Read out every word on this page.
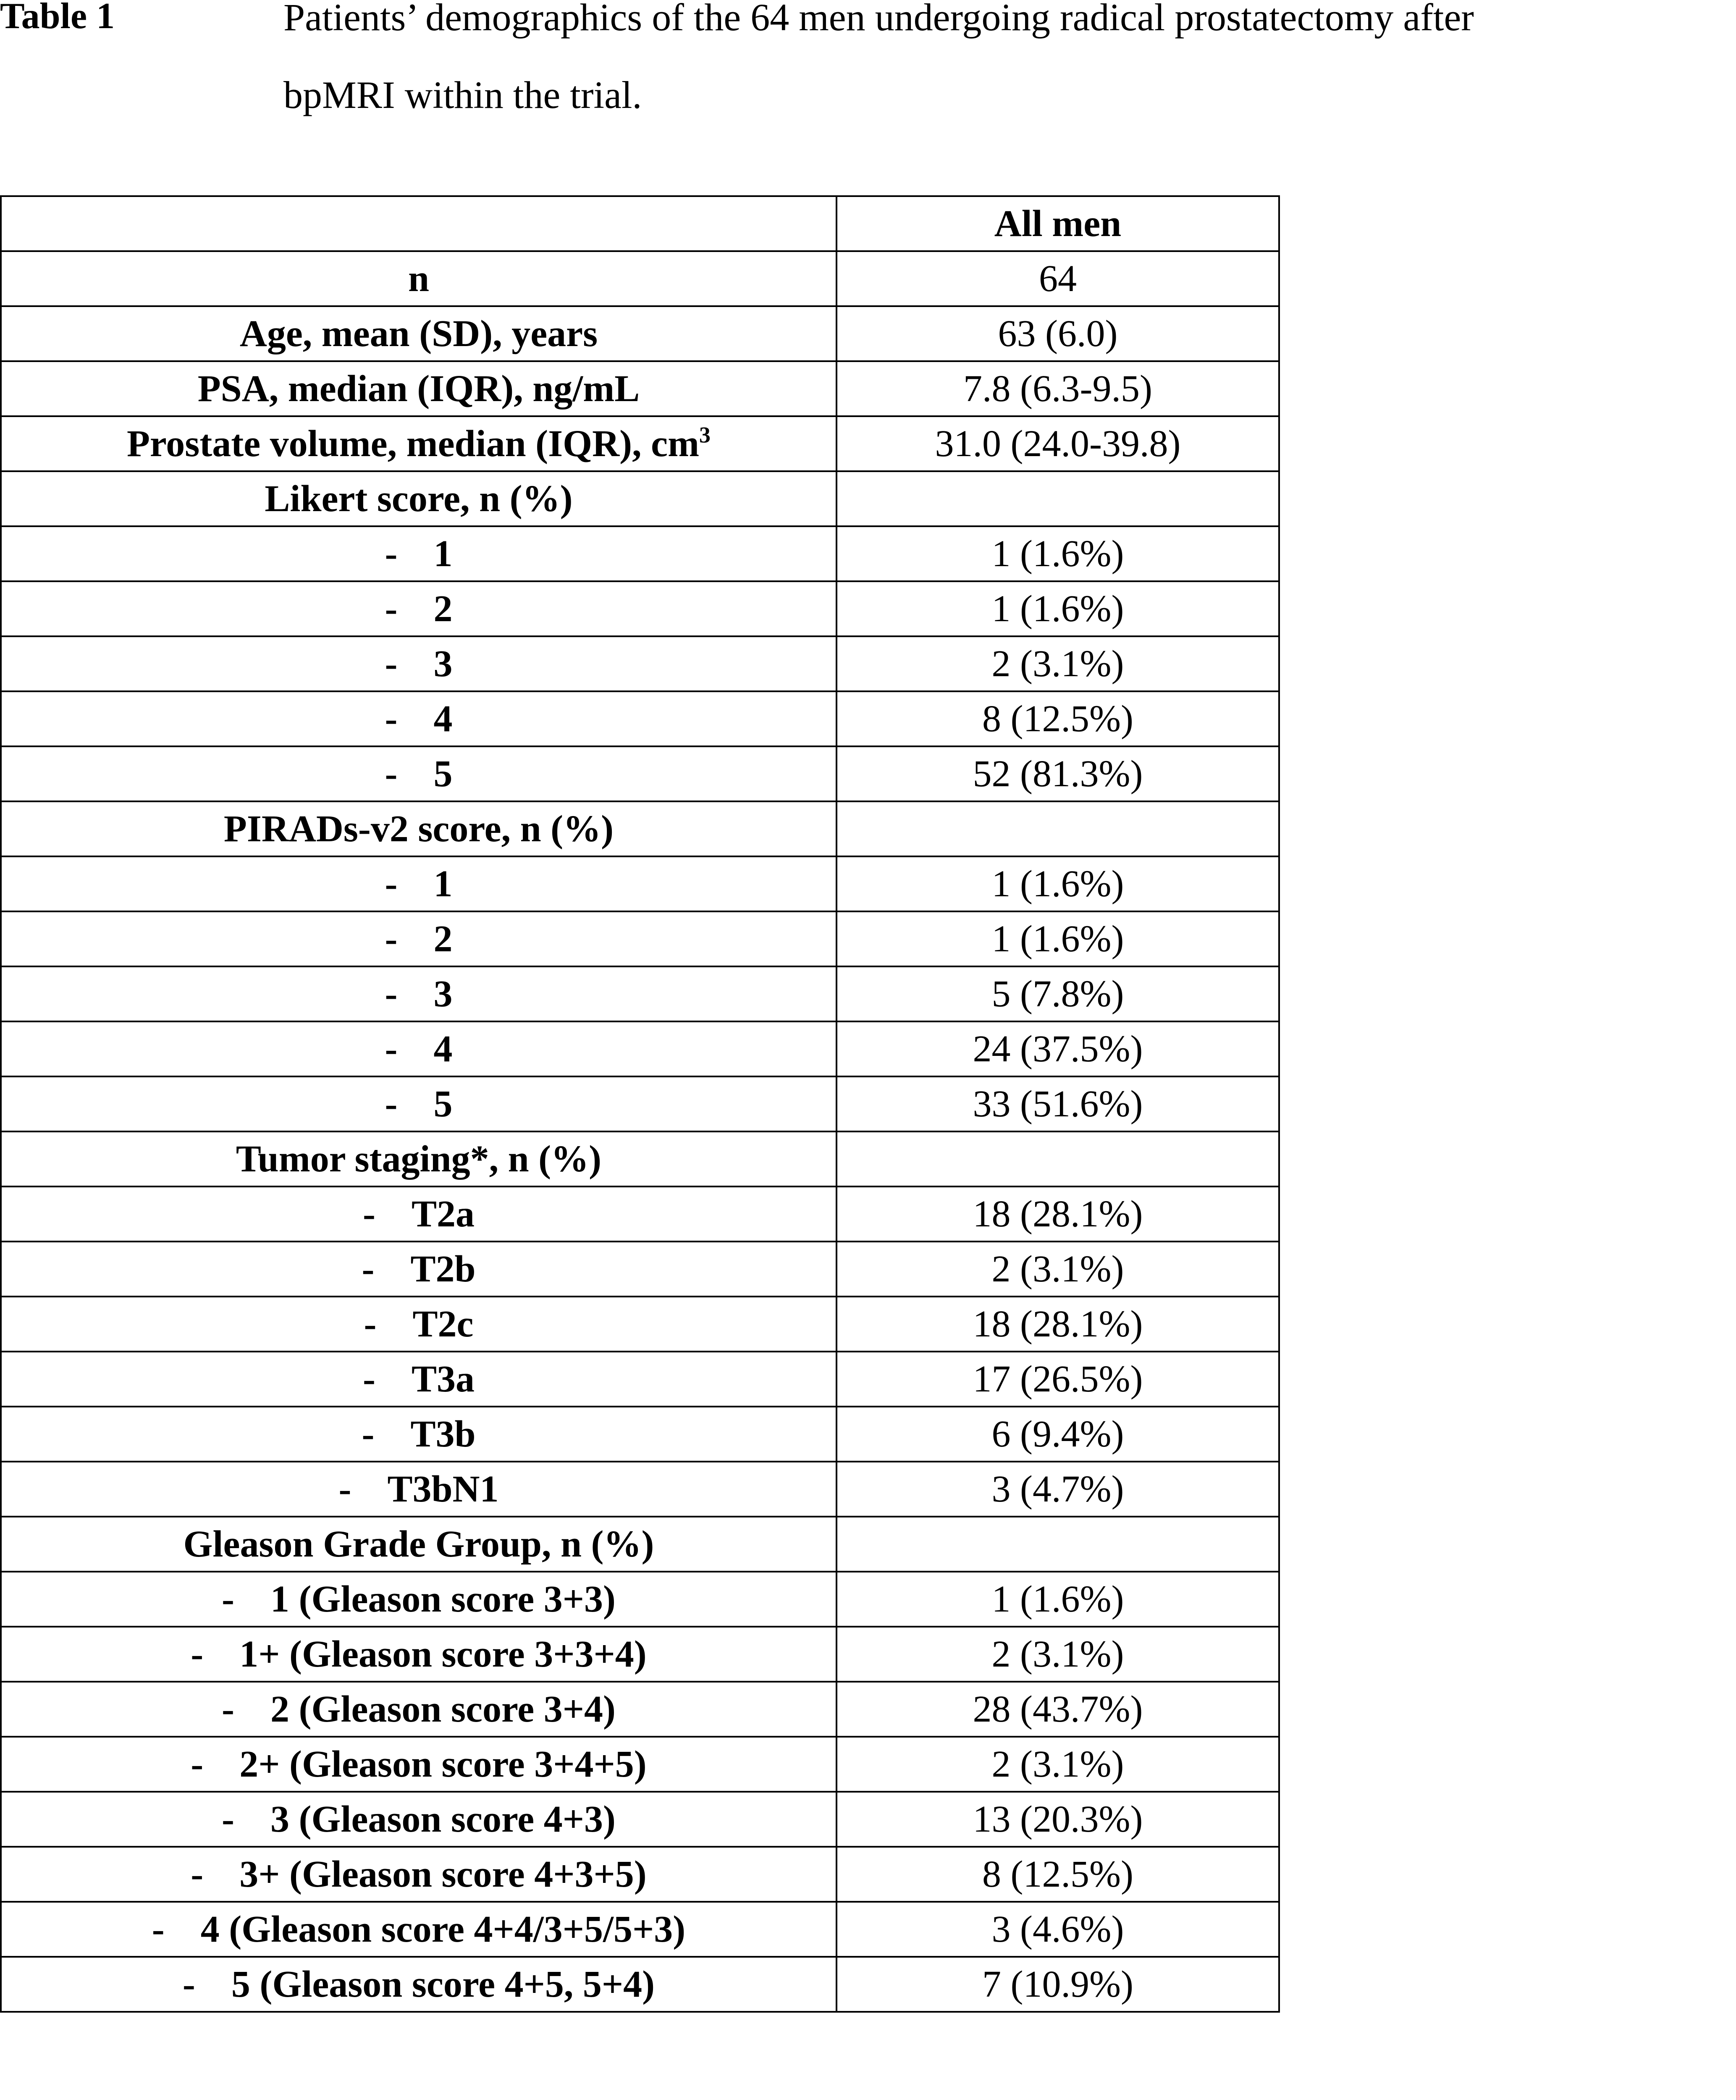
Table 1	Patients’ demographics of the 64 men undergoing radical prostatectomy after
bpMRI within the trial.
	All men
n	64
Age, mean (SD), years	63 (6.0)
PSA, median (IQR), ng/mL	7.8 (6.3-9.5)
Prostate volume, median (IQR), $cm^3$	31.0 (24.0-39.8)
Likert score, n (%)	
- 1	1 (1.6%)
- 2	1 (1.6%)
- 3	2 (3.1%)
- 4	8 (12.5%)
- 5	52 (81.3%)
PIRADs-v2 score, n (%)	
- 1	1 (1.6%)
- 2	1 (1.6%)
- 3	5 (7.8%)
- 4	24 (37.5%)
- 5	33 (51.6%)
Tumor staging*, n (%)	
- T2a	18 (28.1%)
- T2b	2 (3.1%)
- T2c	18 (28.1%)
- T3a	17 (26.5%)
- T3b	6 (9.4%)
- T3bN1	3 (4.7%)
Gleason Grade Group, n (%)	
- 1 (Gleason score 3+3)	1 (1.6%)
- 1+ (Gleason score 3+3+4)	2 (3.1%)
- 2 (Gleason score 3+4)	28 (43.7%)
- 2+ (Gleason score 3+4+5)	2 (3.1%)
- 3 (Gleason score 4+3)	13 (20.3%)
- 3+ (Gleason score 4+3+5)	8 (12.5%)
- 4 (Gleason score 4+4/3+5/5+3)	3 (4.6%)
- 5 (Gleason score 4+5, 5+4)	7 (10.9%)
